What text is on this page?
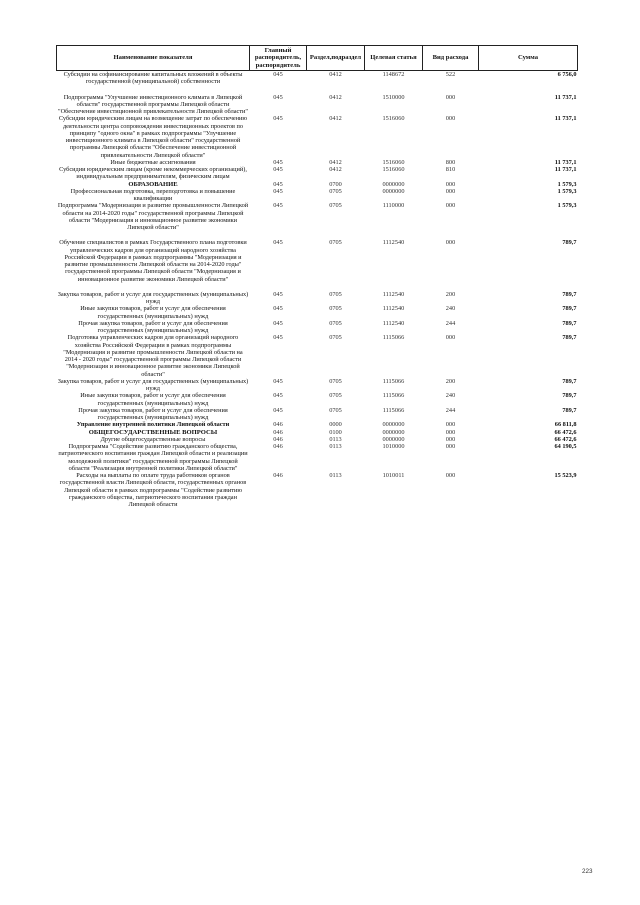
Наименование показателя	Главный распорядитель, распорядитель	Раздел,подраздел	Целевая статья	Вид расхода	Сумма
Субсидии на софинансирование капитальных вложений в объекты государственной (муниципальной) собственности	045	0412	1148672	522	6 756,0
Подпрограмма "Улучшение инвестиционного климата в Липецкой области" государственной программы Липецкой области "Обеспечение инвестиционной привлекательности Липецкой области"	045	0412	1510000	000	11 737,1
Субсидии юридическим лицам на возмещение затрат по обеспечению деятельности центра сопровождения инвестиционных проектов по принципу "одного окна" в рамках подпрограммы "Улучшение инвестиционного климата в Липецкой области" государственной программы Липецкой области "Обеспечение инвестиционной привлекательности Липецкой области"	045	0412	1516060	000	11 737,1
Иные бюджетные ассигнования	045	0412	1516060	800	11 737,1
Субсидии юридическим лицам (кроме некоммерческих организаций), индивидуальным предпринимателям, физическим лицам	045	0412	1516060	810	11 737,1
ОБРАЗОВАНИЕ	045	0700	0000000	000	1 579,3
Профессиональная подготовка, переподготовка и повышение квалификации	045	0705	0000000	000	1 579,3
Подпрограмма "Модернизация и развитие промышленности Липецкой области на 2014-2020 годы" государственной программы Липецкой области "Модернизация и инновационное развитие экономики Липецкой области"	045	0705	1110000	000	1 579,3
Обучение специалистов в рамках Государственного плана подготовки управленческих кадров для организаций народного хозяйства Российской Федерации в рамках подпрограммы "Модернизация и развитие промышленности Липецкой области на 2014-2020 годы" государственной программы Липецкой области "Модернизация и инновационное развитие экономики Липецкой области"	045	0705	1112540	000	789,7
Закупка товаров, работ и услуг для государственных (муниципальных) нужд	045	0705	1112540	200	789,7
Иные закупки товаров, работ и услуг для обеспечения государственных (муниципальных) нужд	045	0705	1112540	240	789,7
Прочая закупка товаров, работ и услуг для обеспечения государственных (муниципальных) нужд	045	0705	1112540	244	789,7
Подготовка управленческих кадров для организаций народного хозяйства Российской Федерации в рамках подпрограммы "Модернизация и развитие промышленности Липецкой области на 2014 - 2020 годы" государственной программы Липецкой области "Модернизация и инновационное развитие экономики Липецкой области"	045	0705	1115066	000	789,7
Закупка товаров, работ и услуг для государственных (муниципальных) нужд	045	0705	1115066	200	789,7
Иные закупки товаров, работ и услуг для обеспечения государственных (муниципальных) нужд	045	0705	1115066	240	789,7
Прочая закупка товаров, работ и услуг для обеспечения государственных (муниципальных) нужд	045	0705	1115066	244	789,7
Управление внутренней политики Липецкой области	046	0000	0000000	000	66 811,8
ОБЩЕГОСУДАРСТВЕННЫЕ ВОПРОСЫ	046	0100	0000000	000	66 472,6
Другие общегосударственные вопросы	046	0113	0000000	000	66 472,6
Подпрограмма "Содействие развитию гражданского общества, патриотического воспитания граждан Липецкой области и реализации молодежной политики" государственной программы Липецкой области "Реализация внутренней политики Липецкой области"	046	0113	1010000	000	64 190,5
Расходы на выплаты по оплате труда работников органов государственной власти Липецкой области, государственных органов Липецкой области в рамках подпрограммы "Содействие развитию гражданского общества, патриотического воспитания граждан Липецкой области	046	0113	1010011	000	15 523,9
223
